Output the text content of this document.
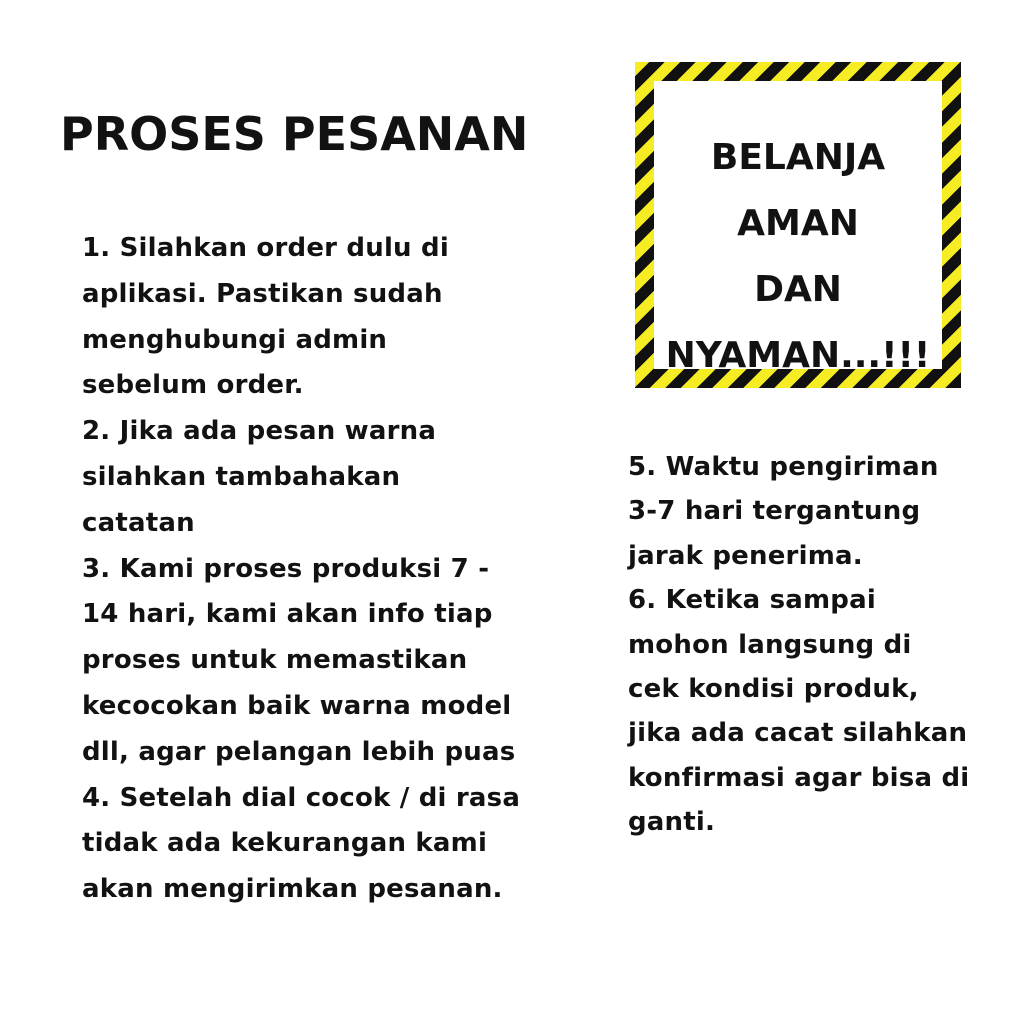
PROSES PESANAN	BELANJA
AMAN
DAN
NYAMAN...!!!
1. Silahkan order dulu di
aplikasi. Pastikan sudah
menghubungi admin
sebelum order.
2. Jika ada pesan warna
silahkan tambahakan
catatan
3. Kami proses produksi 7 -
14 hari, kami akan info tiap
proses untuk memastikan
kecocokan baik warna model
dll, agar pelangan lebih puas
4. Setelah dial cocok / di rasa
tidak ada kekurangan kami
akan mengirimkan pesanan.
5. Waktu pengiriman
3-7 hari tergantung
jarak penerima.
6. Ketika sampai
mohon langsung di
cek kondisi produk,
jika ada cacat silahkan
konfirmasi agar bisa di
ganti.
